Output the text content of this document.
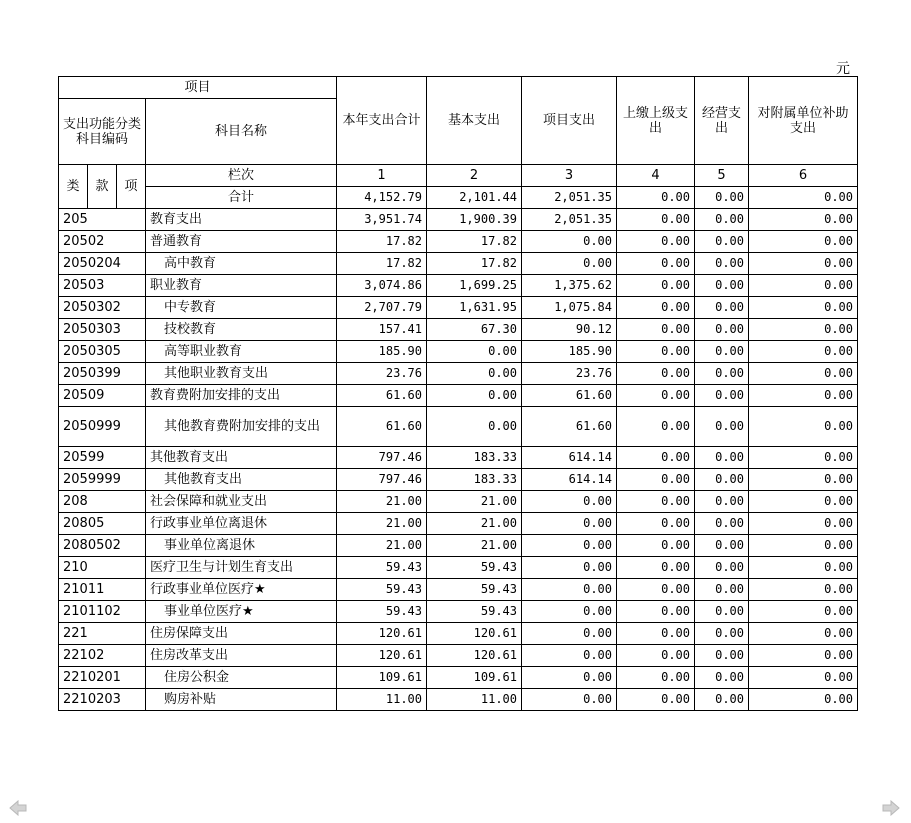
元
项目				本年支出合计	基本支出	项目支出	上缴上级支出	经营支出	对附属单位补助支出
支出功能分类科目编码			科目名称						

类	款	项	栏次	1	2	3	4	5	6
			合计	4,152.79	2,101.44	2,051.35	0.00	0.00	0.00
205			教育支出	3,951.74	1,900.39	2,051.35	0.00	0.00	0.00
20502			普通教育	17.82	17.82	0.00	0.00	0.00	0.00
2050204			高中教育	17.82	17.82	0.00	0.00	0.00	0.00
20503			职业教育	3,074.86	1,699.25	1,375.62	0.00	0.00	0.00
2050302			中专教育	2,707.79	1,631.95	1,075.84	0.00	0.00	0.00
2050303			技校教育	157.41	67.30	90.12	0.00	0.00	0.00
2050305			高等职业教育	185.90	0.00	185.90	0.00	0.00	0.00
2050399			其他职业教育支出	23.76	0.00	23.76	0.00	0.00	0.00
20509			教育费附加安排的支出	61.60	0.00	61.60	0.00	0.00	0.00
2050999			其他教育费附加安排的支出	61.60	0.00	61.60	0.00	0.00	0.00
20599			其他教育支出	797.46	183.33	614.14	0.00	0.00	0.00
2059999			其他教育支出	797.46	183.33	614.14	0.00	0.00	0.00
208			社会保障和就业支出	21.00	21.00	0.00	0.00	0.00	0.00
20805			行政事业单位离退休	21.00	21.00	0.00	0.00	0.00	0.00
2080502			事业单位离退休	21.00	21.00	0.00	0.00	0.00	0.00
210			医疗卫生与计划生育支出	59.43	59.43	0.00	0.00	0.00	0.00
21011			行政事业单位医疗★	59.43	59.43	0.00	0.00	0.00	0.00
2101102			事业单位医疗★	59.43	59.43	0.00	0.00	0.00	0.00
221			住房保障支出	120.61	120.61	0.00	0.00	0.00	0.00
22102			住房改革支出	120.61	120.61	0.00	0.00	0.00	0.00
2210201			住房公积金	109.61	109.61	0.00	0.00	0.00	0.00
2210203			购房补贴	11.00	11.00	0.00	0.00	0.00	0.00
